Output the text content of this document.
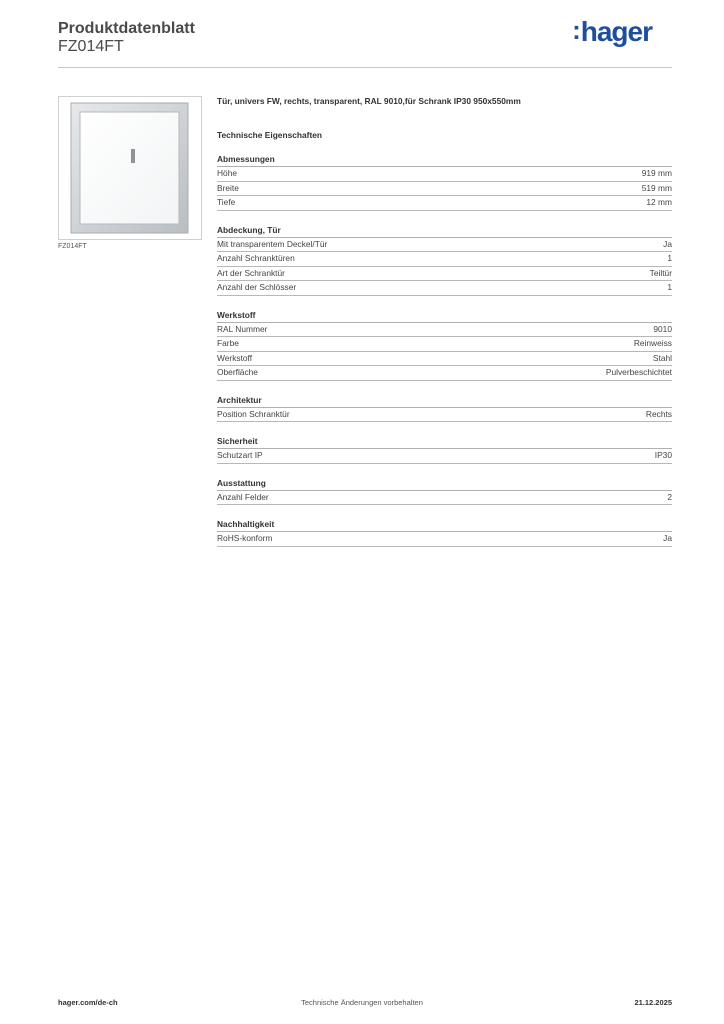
Produktdatenblatt
FZ014FT
:hager
FZ014FT
Tür, univers FW, rechts, transparent, RAL 9010,für Schrank IP30 950x550mm
Technische Eigenschaften
Abmessungen
Höhe	919 mm
Breite	519 mm
Tiefe	12 mm
Abdeckung, Tür
Mit transparentem Deckel/Tür	Ja
Anzahl Schranktüren	1
Art der Schranktür	Teiltür
Anzahl der Schlösser	1
Werkstoff
RAL Nummer	9010
Farbe	Reinweiss
Werkstoff	Stahl
Oberfläche	Pulverbeschichtet
Architektur
Position Schranktür	Rechts
Sicherheit
Schutzart IP	IP30
Ausstattung
Anzahl Felder	2
Nachhaltigkeit
RoHS-konform	Ja
hager.com/de-ch	Technische Änderungen vorbehalten	21.12.2025
